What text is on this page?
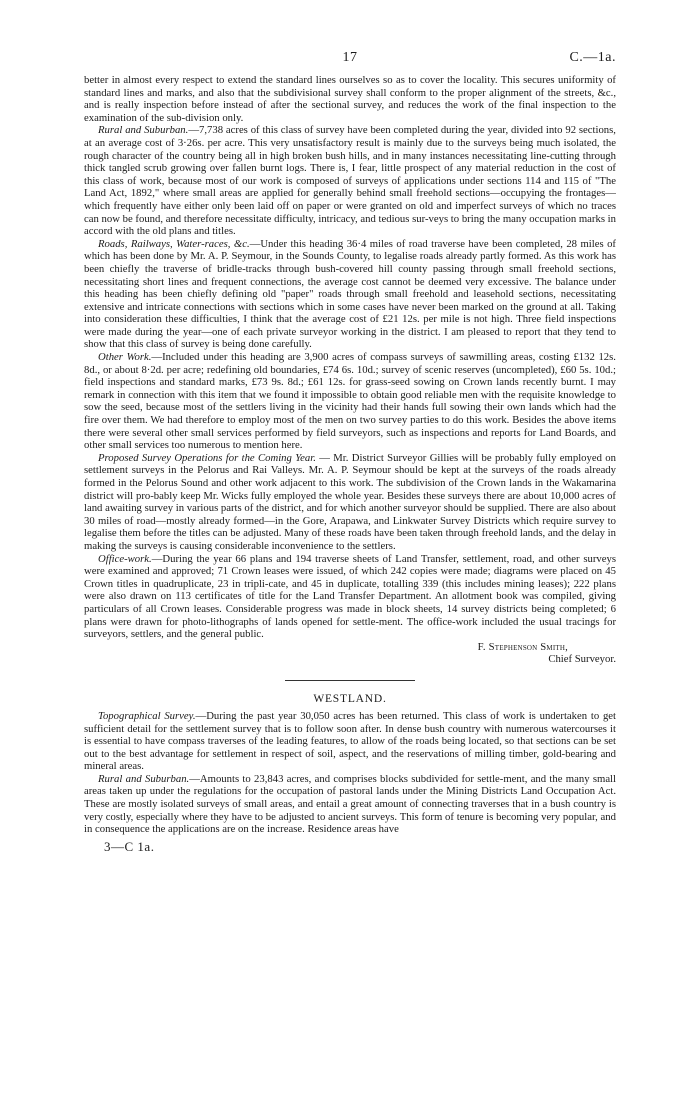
17	C.—1a.

better in almost every respect to extend the standard lines ourselves so as to cover the locality. This secures uniformity of standard lines and marks, and also that the subdivisional survey shall conform to the proper alignment of the streets, &c., and is really inspection before instead of after the sectional survey, and reduces the work of the final inspection to the examination of the sub-division only.

Rural and Suburban.—7,738 acres of this class of survey have been completed during the year, divided into 92 sections, at an average cost of 3·26s. per acre. This very unsatisfactory result is mainly due to the surveys being much isolated, the rough character of the country being all in high broken bush hills, and in many instances necessitating line-cutting through thick tangled scrub growing over fallen burnt logs. There is, I fear, little prospect of any material reduction in the cost of this class of work, because most of our work is composed of surveys of applications under sections 114 and 115 of "The Land Act, 1892," where small areas are applied for generally behind small freehold sections—occupying the frontages—which frequently have either only been laid off on paper or were granted on old and imperfect surveys of which no traces can now be found, and therefore necessitate difficulty, intricacy, and tedious sur-veys to bring the many occupation marks in accord with the old plans and titles.

Roads, Railways, Water-races, &c.—Under this heading 36·4 miles of road traverse have been completed, 28 miles of which has been done by Mr. A. P. Seymour, in the Sounds County, to legalise roads already partly formed. As this work has been chiefly the traverse of bridle-tracks through bush-covered hill county passing through small freehold sections, necessitating short lines and frequent connections, the average cost cannot be deemed very excessive. The balance under this heading has been chiefly defining old "paper" roads through small freehold and leasehold sections, necessitating extensive and intricate connections with sections which in some cases have never been marked on the ground at all. Taking into consideration these difficulties, I think that the average cost of £21 12s. per mile is not high. Three field inspections were made during the year—one of each private surveyor working in the district. I am pleased to report that they tend to show that this class of survey is being done carefully.

Other Work.—Included under this heading are 3,900 acres of compass surveys of sawmilling areas, costing £132 12s. 8d., or about 8·2d. per acre; redefining old boundaries, £74 6s. 10d.; survey of scenic reserves (uncompleted), £60 5s. 10d.; field inspections and standard marks, £73 9s. 8d.; £61 12s. for grass-seed sowing on Crown lands recently burnt. I may remark in connection with this item that we found it impossible to obtain good reliable men with the requisite knowledge to sow the seed, because most of the settlers living in the vicinity had their hands full sowing their own lands which had the fire over them. We had therefore to employ most of the men on two survey parties to do this work. Besides the above items there were several other small services performed by field surveyors, such as inspections and reports for Land Boards, and other small services too numerous to mention here.

Proposed Survey Operations for the Coming Year. — Mr. District Surveyor Gillies will be probably fully employed on settlement surveys in the Pelorus and Rai Valleys. Mr. A. P. Seymour should be kept at the surveys of the roads already formed in the Pelorus Sound and other work adjacent to this work. The subdivision of the Crown lands in the Wakamarina district will pro-bably keep Mr. Wicks fully employed the whole year. Besides these surveys there are about 10,000 acres of land awaiting survey in various parts of the district, and for which another surveyor should be supplied. There are also about 30 miles of road—mostly already formed—in the Gore, Arapawa, and Linkwater Survey Districts which require survey to legalise them before the titles can be adjusted. Many of these roads have been taken through freehold lands, and the delay in making the surveys is causing considerable inconvenience to the settlers.

Office-work.—During the year 66 plans and 194 traverse sheets of Land Transfer, settlement, road, and other surveys were examined and approved; 71 Crown leases were issued, of which 242 copies were made; diagrams were placed on 45 Crown titles in quadruplicate, 23 in tripli-cate, and 45 in duplicate, totalling 339 (this includes mining leases); 222 plans were also drawn on 113 certificates of title for the Land Transfer Department. An allotment book was compiled, giving particulars of all Crown leases. Considerable progress was made in block sheets, 14 survey districts being completed; 6 plans were drawn for photo-lithographs of lands opened for settle-ment. The office-work included the usual tracings for surveyors, settlers, and the general public.

F. Stephenson Smith,
Chief Surveyor.
WESTLAND.

Topographical Survey.—During the past year 30,050 acres has been returned. This class of work is undertaken to get sufficient detail for the settlement survey that is to follow soon after. In dense bush country with numerous watercourses it is essential to have compass traverses of the leading features, to allow of the roads being located, so that sections can be set out to the best advantage for settlement in respect of soil, aspect, and the reservations of milling timber, gold-bearing and mineral areas.

Rural and Suburban.—Amounts to 23,843 acres, and comprises blocks subdivided for settle-ment, and the many small areas taken up under the regulations for the occupation of pastoral lands under the Mining Districts Land Occupation Act. These are mostly isolated surveys of small areas, and entail a great amount of connecting traverses that in a bush country is very costly, especially where they have to be adjusted to ancient surveys. This form of tenure is becoming very popular, and in consequence the applications are on the increase. Residence areas have

3—C 1a.
